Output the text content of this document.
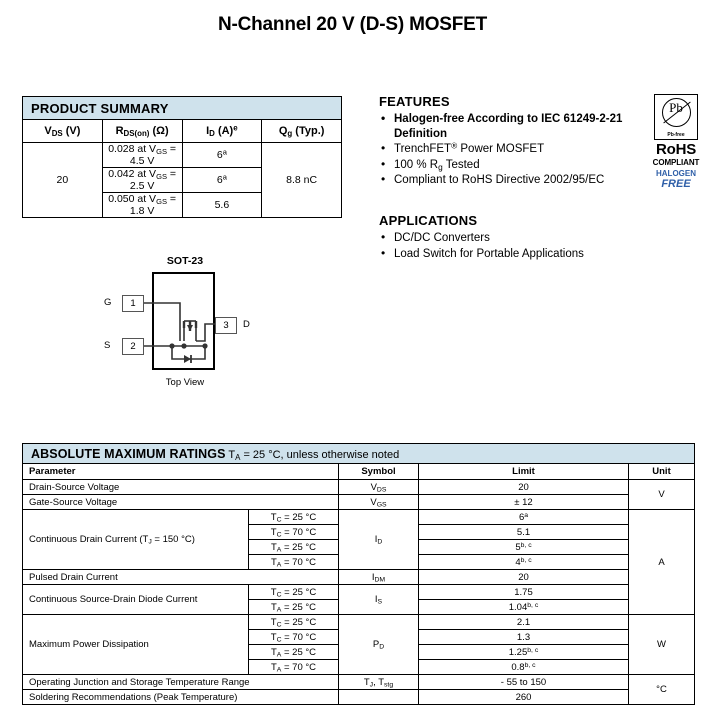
N-Channel 20 V (D-S) MOSFET
PRODUCT SUMMARY			
$V_{DS}$ (V)	$R_{DS(on)}$ (Ω)	$I_D$ $(A)^e$	$Q_g$ (Typ.)
20	0.028 at $V_{GS} = 4.5$ V	6$^a$	8.8 nC
	0.042 at $V_{GS} = 2.5$ V	6$^a$
	0.050 at $V_{GS} = 1.8$ V	5.6	
FEATURES
• Halogen-free According to IEC 61249-2-21 Definition
• TrenchFET® Power MOSFET
• 100 % $R_g$ Tested
• Compliant to RoHS Directive 2002/95/EC
APPLICATIONS
• DC/DC Converters
• Load Switch for Portable Applications
Pb
Pb-free
RoHS
COMPLIANT
HALOGEN
FREE
SOT-23
1
G
2
S
3	D
Top View
ABSOLUTE MAXIMUM RATINGS $T_A = 25$ °C, unless otherwise noted				
Parameter		Symbol	Limit	Unit
Drain-Source Voltage		$V_{DS}$	20	V
Gate-Source Voltage		$V_{GS}$	± 12	
Continuous Drain Current ($T_J = 150$ °C)	$T_C = 25$ °C	$I_D$	6$^a$	A
	$T_C = 70$ °C		5.1	
	$T_A = 25$ °C		5$^{b, c}$
	$T_A = 70$ °C		4$^{b, c}$
Pulsed Drain Current		$I_{DM}$	20	
Continuous Source-Drain Diode Current	$T_C = 25$ °C	$I_S$	1.75	
	$T_A = 25$ °C		1.04$^{b, c}$
Maximum Power Dissipation	$T_C = 25$ °C	$P_D$	2.1	W
	$T_C = 70$ °C		1.3	
	$T_A = 25$ °C		1.25$^{b, c}$
	$T_A = 70$ °C		0.8$^{b, c}$
Operating Junction and Storage Temperature Range		$T_J$, $T_{stg}$	- 55 to 150	°C
Soldering Recommendations (Peak Temperature)			260	
